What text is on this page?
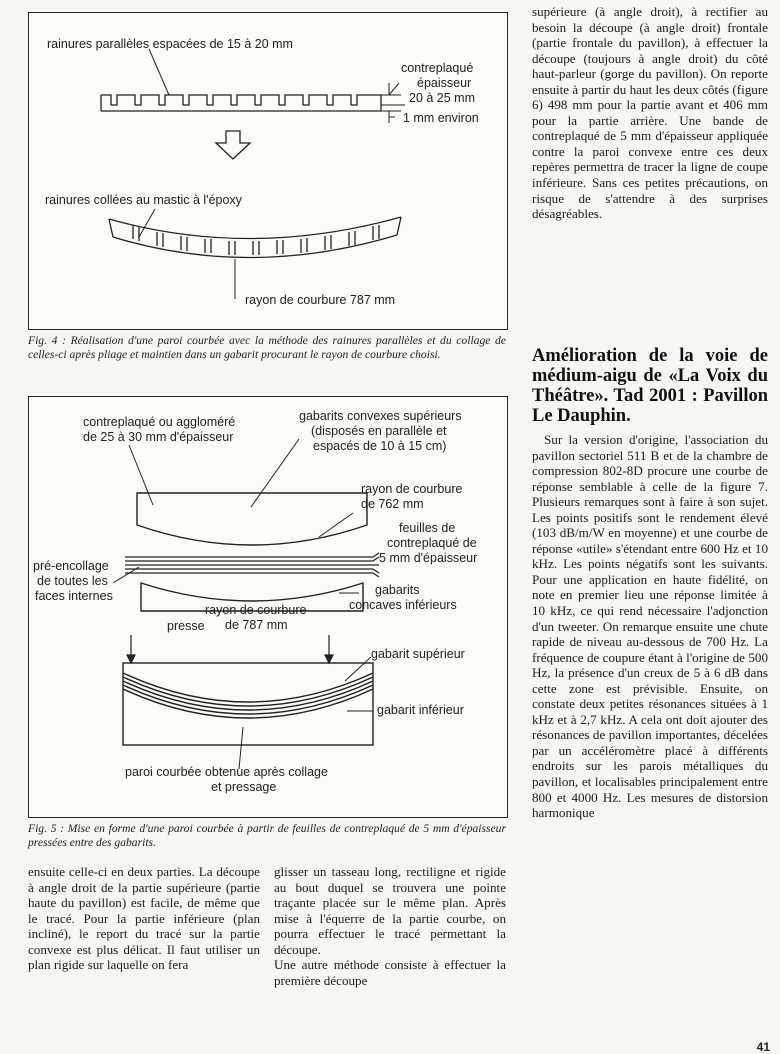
rainures parallèles espacées de 15 à 20 mm
contreplaqué
épaisseur
20 à 25 mm
1 mm environ
rainures collées au mastic à l'époxy
rayon de courbure 787 mm
Fig. 4 : Réalisation d'une paroi courbée avec la méthode des rainures parallèles et du collage de celles-ci après pliage et maintien dans un gabarit procurant le rayon de courbure choisi.
contreplaqué ou aggloméré
de 25 à 30 mm d'épaisseur
gabarits convexes supérieurs
(disposés en parallèle et
espacés de 10 à 15 cm)
rayon de courbure
de 762 mm
feuilles de
contreplaqué de
5 mm d'épaisseur
pré-encollage
de toutes les
faces internes	gabarits
concaves inférieurs
rayon de courbure
de 787 mm
presse
gabarit supérieur
gabarit inférieur
paroi courbée obtenue après collage
et pressage
Fig. 5 : Mise en forme d'une paroi courbée à partir de feuilles de contreplaqué de 5 mm d'épaisseur pressées entre des gabarits.

ensuite celle-ci en deux parties. La découpe à angle droit de la partie supérieure (partie haute du pavillon) est facile, de même que le tracé. Pour la partie inférieure (plan incliné), le report du tracé sur la partie convexe est plus délicat. Il faut utiliser un plan rigide sur laquelle on fera

glisser un tasseau long, rectiligne et rigide au bout duquel se trouvera une pointe traçante placée sur le même plan. Après mise à l'équerre de la partie courbe, on pourra effectuer le tracé permettant la découpe.

Une autre méthode consiste à effectuer la première découpe

supérieure (à angle droit), à rectifier au besoin la découpe (à angle droit) frontale (partie frontale du pavillon), à effectuer la découpe (toujours à angle droit) du côté haut-parleur (gorge du pavillon). On reporte ensuite à partir du haut les deux côtés (figure 6) 498 mm pour la partie avant et 406 mm pour la partie arrière. Une bande de contreplaqué de 5 mm d'épaisseur appliquée contre la paroi convexe entre ces deux repères permettra de tracer la ligne de coupe inférieure. Sans ces petites précautions, on risque de s'attendre à des surprises désagréables.

Amélioration de la voie de médium-aigu de «La Voix du Théâtre». Tad 2001 : Pavillon Le Dauphin.

Sur la version d'origine, l'association du pavillon sectoriel 511 B et de la chambre de compression 802-8D procure une courbe de réponse semblable à celle de la figure 7. Plusieurs remarques sont à faire à son sujet. Les points positifs sont le rendement élevé (103 dB/m/W en moyenne) et une courbe de réponse «utile» s'étendant entre 600 Hz et 10 kHz. Les points négatifs sont les suivants. Pour une application en haute fidélité, on note en premier lieu une réponse limitée à 10 kHz, ce qui rend nécessaire l'adjonction d'un tweeter. On remarque ensuite une chute rapide de niveau au-dessous de 700 Hz. La fréquence de coupure étant à l'origine de 500 Hz, la présence d'un creux de 5 à 6 dB dans cette zone est prévisible. Ensuite, on constate deux petites résonances situées à 1 kHz et à 2,7 kHz. A cela ont doit ajouter des résonances de pavillon importantes, décelées par un accéléromètre placé à différents endroits sur les parois métalliques du pavillon, et localisables principalement entre 800 et 4000 Hz. Les mesures de distorsion harmonique

41
